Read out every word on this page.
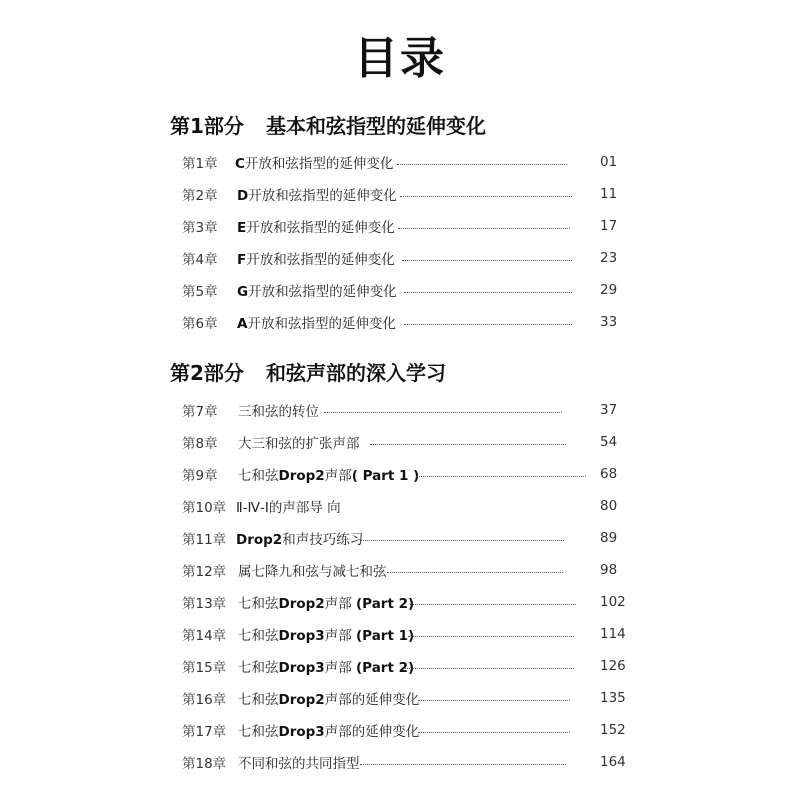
目录
第1部分 基本和弦指型的延伸变化
第1章 C开放和弦指型的延伸变化	01
第2章 D开放和弦指型的延伸变化	11
第3章 E开放和弦指型的延伸变化	17
第4章 F开放和弦指型的延伸变化	23
第5章 G开放和弦指型的延伸变化	29
第6章 A开放和弦指型的延伸变化	33
第2部分 和弦声部的深入学习
第7章 三和弦的转位	37
第8章 大三和弦的扩张声部	54
第9章 七和弦Drop2声部( Part 1 )	68
第10章 Ⅱ-Ⅳ-Ⅰ的声部导 向	80
第11章 Drop2和声技巧练习	89
第12章 属七降九和弦与减七和弦	98
第13章 七和弦Drop2声部 (Part 2)	102
第14章 七和弦Drop3声部 (Part 1)	114
第15章 七和弦Drop3声部 (Part 2)	126
第16章 七和弦Drop2声部的延伸变化	135
第17章 七和弦Drop3声部的延伸变化	152
第18章 不同和弦的共同指型	164
